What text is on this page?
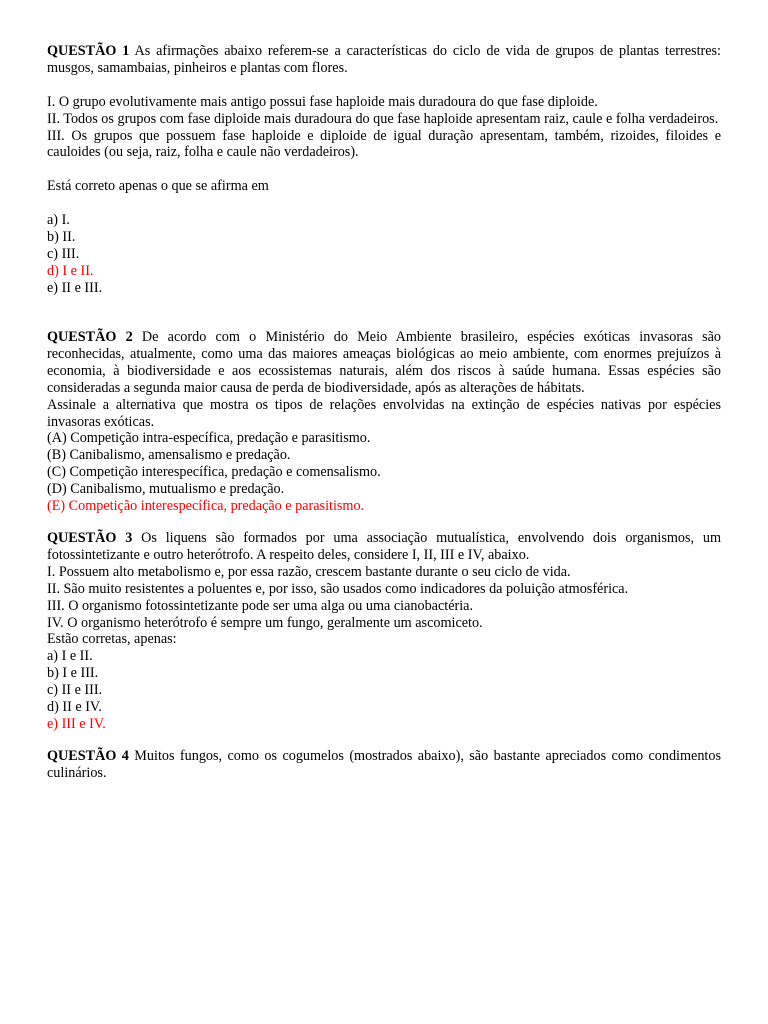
QUESTÃO 1 As afirmações abaixo referem-se a características do ciclo de vida de grupos de plantas terrestres: musgos, samambaias, pinheiros e plantas com flores.

I. O grupo evolutivamente mais antigo possui fase haploide mais duradoura do que fase diploide.

II. Todos os grupos com fase diploide mais duradoura do que fase haploide apresentam raiz, caule e folha verdadeiros.

III. Os grupos que possuem fase haploide e diploide de igual duração apresentam, também, rizoides, filoides e cauloides (ou seja, raiz, folha e caule não verdadeiros).

Está correto apenas o que se afirma em

a) I.

b) II.

c) III.

d) I e II.

e) II e III.

QUESTÃO 2 De acordo com o Ministério do Meio Ambiente brasileiro, espécies exóticas invasoras são reconhecidas, atualmente, como uma das maiores ameaças biológicas ao meio ambiente, com enormes prejuízos à economia, à biodiversidade e aos ecossistemas naturais, além dos riscos à saúde humana. Essas espécies são consideradas a segunda maior causa de perda de biodiversidade, após as alterações de hábitats.

Assinale a alternativa que mostra os tipos de relações envolvidas na extinção de espécies nativas por espécies invasoras exóticas.

(A) Competição intra-específica, predação e parasitismo.

(B) Canibalismo, amensalismo e predação.

(C) Competição interespecífica, predação e comensalismo.

(D) Canibalismo, mutualismo e predação.

(E) Competição interespecífica, predação e parasitismo.

QUESTÃO 3 Os liquens são formados por uma associação mutualística, envolvendo dois organismos, um fotossintetizante e outro heterótrofo. A respeito deles, considere I, II, III e IV, abaixo.

I. Possuem alto metabolismo e, por essa razão, crescem bastante durante o seu ciclo de vida.

II. São muito resistentes a poluentes e, por isso, são usados como indicadores da poluição atmosférica.

III. O organismo fotossintetizante pode ser uma alga ou uma cianobactéria.

IV. O organismo heterótrofo é sempre um fungo, geralmente um ascomiceto.

Estão corretas, apenas:

a) I e II.

b) I e III.

c) II e III.

d) II e IV.

e) III e IV.

QUESTÃO 4 Muitos fungos, como os cogumelos (mostrados abaixo), são bastante apreciados como condimentos culinários.
